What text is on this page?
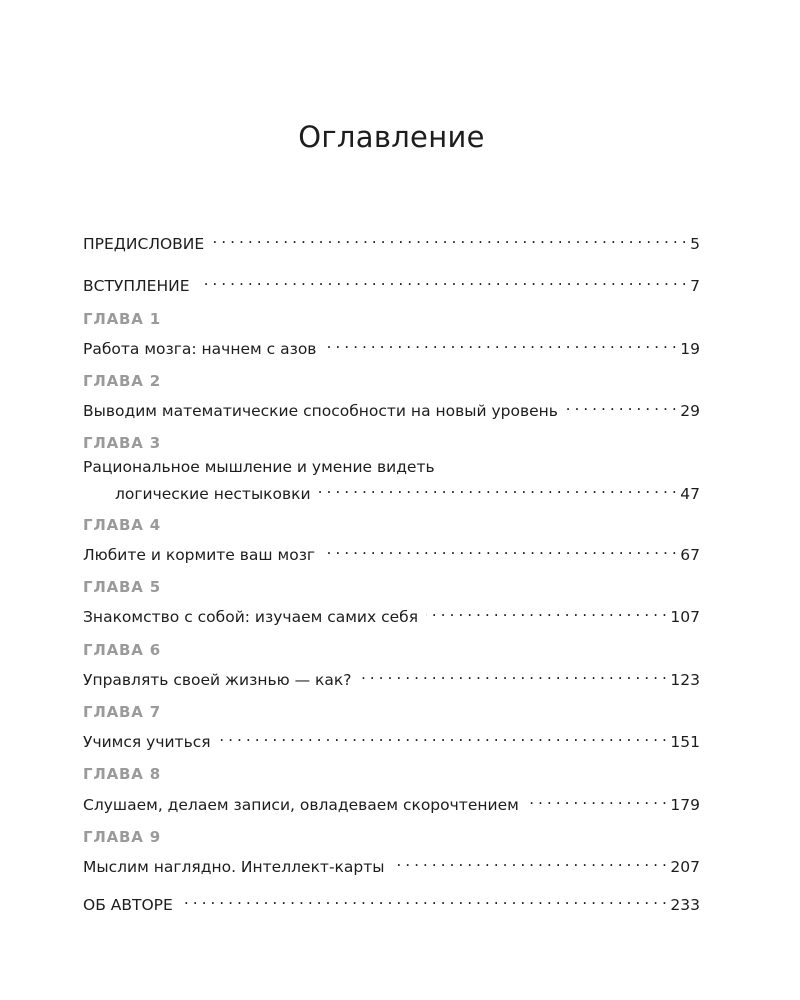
Оглавление
ПРЕДИСЛОВИЕ . . .	5
ВСТУПЛЕНИЕ . . .	7
ГЛАВА 1
Работа мозга: начнем с азов . . .	19
ГЛАВА 2
Выводим математические способности на новый уровень . . .	29
ГЛАВА 3
Рациональное мышление и умение видеть
логические нестыковки . . .	47
ГЛАВА 4
Любите и кормите ваш мозг . . .	67
ГЛАВА 5
Знакомство с собой: изучаем самих себя . . .	107
ГЛАВА 6
Управлять своей жизнью — как? . . .	123
ГЛАВА 7
Учимся учиться . . .	151
ГЛАВА 8
Слушаем, делаем записи, овладеваем скорочтением . . .	179
ГЛАВА 9
Мыслим наглядно. Интеллект-карты . . .	207
ОБ АВТОРЕ . . .	233
